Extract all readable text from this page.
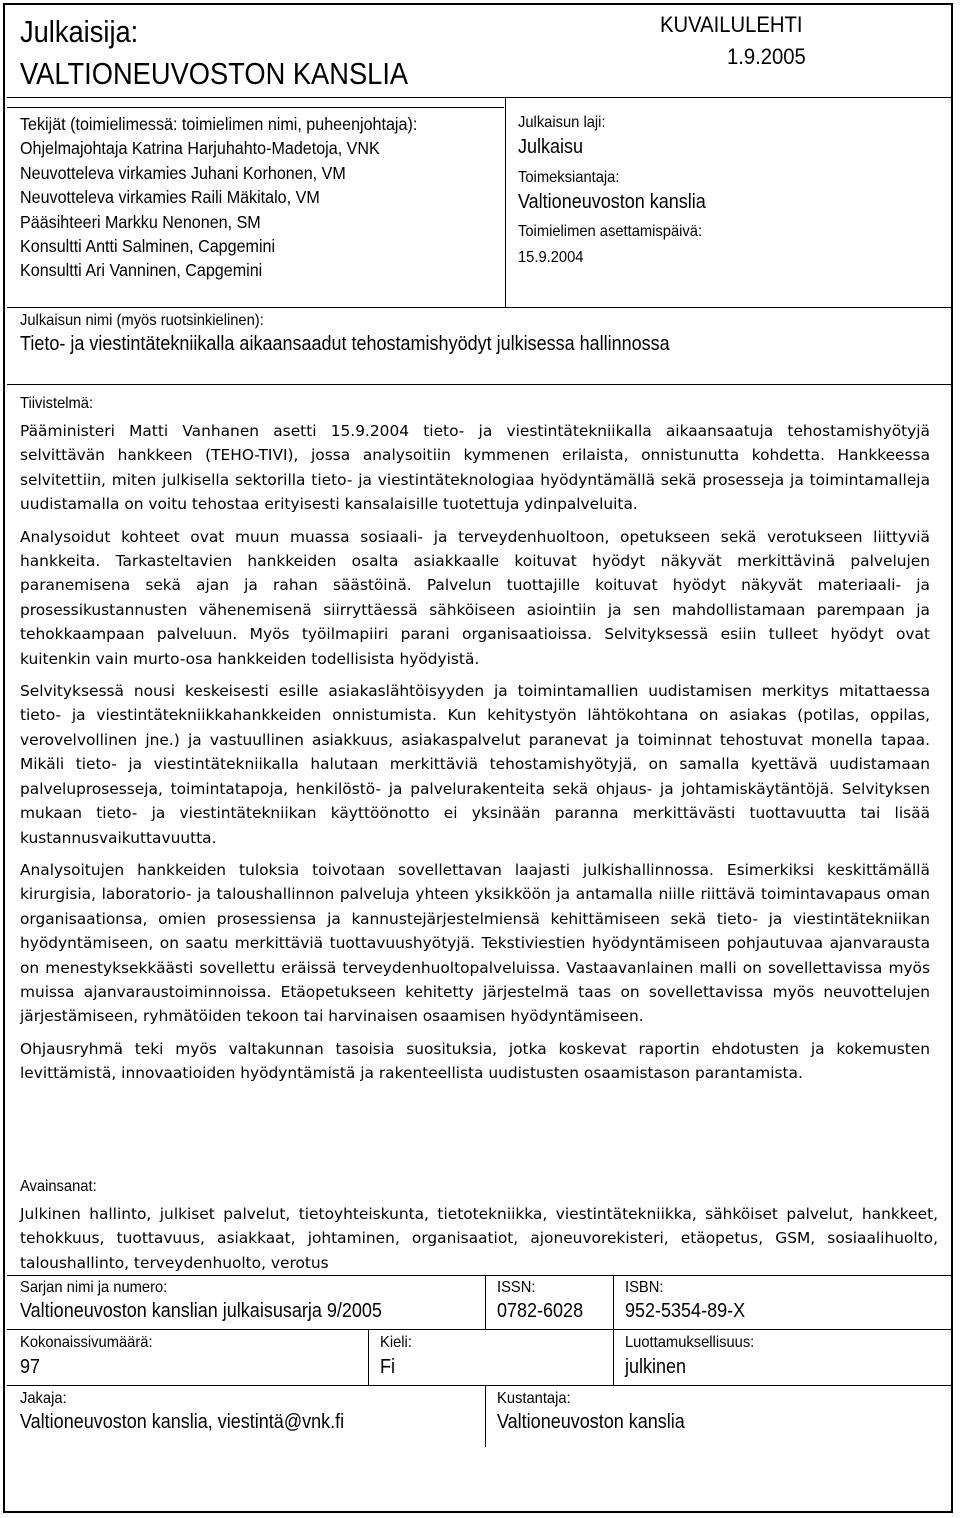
Julkaisija:
VALTIONEUVOSTON KANSLIA
KUVAILULEHTI
1.9.2005
Tekijät (toimielimessä: toimielimen nimi, puheenjohtaja):
Ohjelmajohtaja Katrina Harjuhahto-Madetoja, VNK
Neuvotteleva virkamies Juhani Korhonen, VM
Neuvotteleva virkamies Raili Mäkitalo, VM
Pääsihteeri Markku Nenonen, SM
Konsultti Antti Salminen, Capgemini
Konsultti Ari Vanninen, Capgemini
Julkaisun laji:
Julkaisu
Toimeksiantaja:
Valtioneuvoston kanslia
Toimielimen asettamispäivä:
15.9.2004
Julkaisun nimi (myös ruotsinkielinen):
Tieto- ja viestintätekniikalla aikaansaadut tehostamishyödyt julkisessa hallinnossa
Tiivistelmä:

Pääministeri Matti Vanhanen asetti 15.9.2004 tieto- ja viestintätekniikalla aikaansaatuja tehostamishyötyjä selvittävän hankkeen (TEHO-TIVI), jossa analysoitiin kymmenen erilaista, onnistunutta kohdetta. Hankkeessa selvitettiin, miten julkisella sektorilla tieto- ja viestintäteknologiaa hyödyntämällä sekä prosesseja ja toimintamalleja uudistamalla on voitu tehostaa erityisesti kansalaisille tuotettuja ydinpalveluita.

Analysoidut kohteet ovat muun muassa sosiaali- ja terveydenhuoltoon, opetukseen sekä verotukseen liittyviä hankkeita. Tarkasteltavien hankkeiden osalta asiakkaalle koituvat hyödyt näkyvät merkittävinä palvelujen paranemisena sekä ajan ja rahan säästöinä. Palvelun tuottajille koituvat hyödyt näkyvät materiaali- ja prosessikustannusten vähenemisenä siirryttäessä sähköiseen asiointiin ja sen mahdollistamaan parempaan ja tehokkaampaan palveluun. Myös työilmapiiri parani organisaatioissa. Selvityksessä esiin tulleet hyödyt ovat kuitenkin vain murto-osa hankkeiden todellisista hyödyistä.

Selvityksessä nousi keskeisesti esille asiakaslähtöisyyden ja toimintamallien uudistamisen merkitys mitattaessa tieto- ja viestintätekniikkahankkeiden onnistumista. Kun kehitystyön lähtökohtana on asiakas (potilas, oppilas, verovelvollinen jne.) ja vastuullinen asiakkuus, asiakaspalvelut paranevat ja toiminnat tehostuvat monella tapaa. Mikäli tieto- ja viestintätekniikalla halutaan merkittäviä tehostamishyötyjä, on samalla kyettävä uudistamaan palveluprosesseja, toimintatapoja, henkilöstö- ja palvelurakenteita sekä ohjaus- ja johtamiskäytäntöjä. Selvityksen mukaan tieto- ja viestintätekniikan käyttöönotto ei yksinään paranna merkittävästi tuottavuutta tai lisää kustannusvaikuttavuutta.

Analysoitujen hankkeiden tuloksia toivotaan sovellettavan laajasti julkishallinnossa. Esimerkiksi keskittämällä kirurgisia, laboratorio- ja taloushallinnon palveluja yhteen yksikköön ja antamalla niille riittävä toimintavapaus oman organisaationsa, omien prosessiensa ja kannustejärjestelmiensä kehittämiseen sekä tieto- ja viestintätekniikan hyödyntämiseen, on saatu merkittäviä tuottavuushyötyjä. Tekstiviestien hyödyntämiseen pohjautuvaa ajanvarausta on menestyksekkäästi sovellettu eräissä terveydenhuoltopalveluissa. Vastaavanlainen malli on sovellettavissa myös muissa ajanvaraustoiminnoissa. Etäopetukseen kehitetty järjestelmä taas on sovellettavissa myös neuvottelujen järjestämiseen, ryhmätöiden tekoon tai harvinaisen osaamisen hyödyntämiseen.

Ohjausryhmä teki myös valtakunnan tasoisia suosituksia, jotka koskevat raportin ehdotusten ja kokemusten levittämistä, innovaatioiden hyödyntämistä ja rakenteellista uudistusten osaamistason parantamista.

Avainsanat:
Julkinen hallinto, julkiset palvelut, tietoyhteiskunta, tietotekniikka, viestintätekniikka, sähköiset palvelut, hankkeet, tehokkuus, tuottavuus, asiakkaat, johtaminen, organisaatiot, ajoneuvorekisteri, etäopetus, GSM, sosiaalihuolto, taloushallinto, terveydenhuolto, verotus
Sarjan nimi ja numero:
Valtioneuvoston kanslian julkaisusarja 9/2005
ISSN:
0782-6028
ISBN:
952-5354-89-X
Kokonaissivumäärä:
97
Kieli:
Fi
Luottamuksellisuus:
julkinen
Jakaja:
Valtioneuvoston kanslia, viestintä@vnk.fi
Kustantaja:
Valtioneuvoston kanslia
